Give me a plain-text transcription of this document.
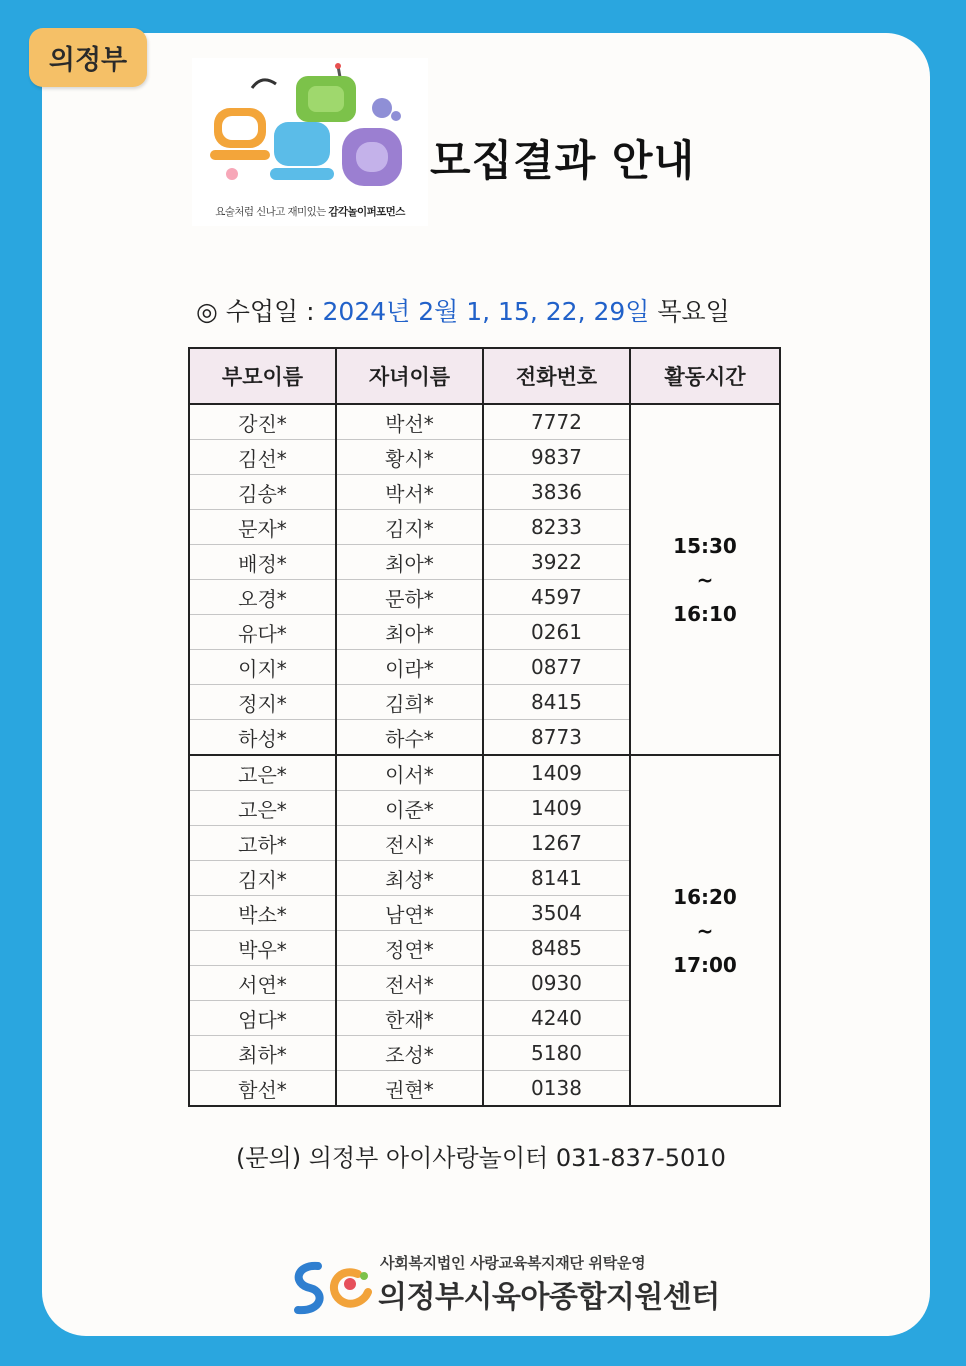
의정부
요술처럼 신나고 재미있는 감각놀이퍼포먼스
모집결과 안내
◎ 수업일 : 2024년 2월 1, 15, 22, 29일 목요일
부모이름	자녀이름	전화번호	활동시간
강진*	박선*	7772	15:30
~
16:10

김선*	황시*	9837	
김송*	박서*	3836	
문자*	김지*	8233	
배정*	최아*	3922	
오경*	문하*	4597	
유다*	최아*	0261	
이지*	이라*	0877	
정지*	김희*	8415	
하성*	하수*	8773	
고은*	이서*	1409	16:20
~
17:00

고은*	이준*	1409	
고하*	전시*	1267	
김지*	최성*	8141	
박소*	남연*	3504	
박우*	정연*	8485	
서연*	전서*	0930	
엄다*	한재*	4240	
최하*	조성*	5180	
함선*	권현*	0138	
(문의) 의정부 아이사랑놀이터 031-837-5010
사회복지법인 사랑교육복지재단 위탁운영
의정부시육아종합지원센터
